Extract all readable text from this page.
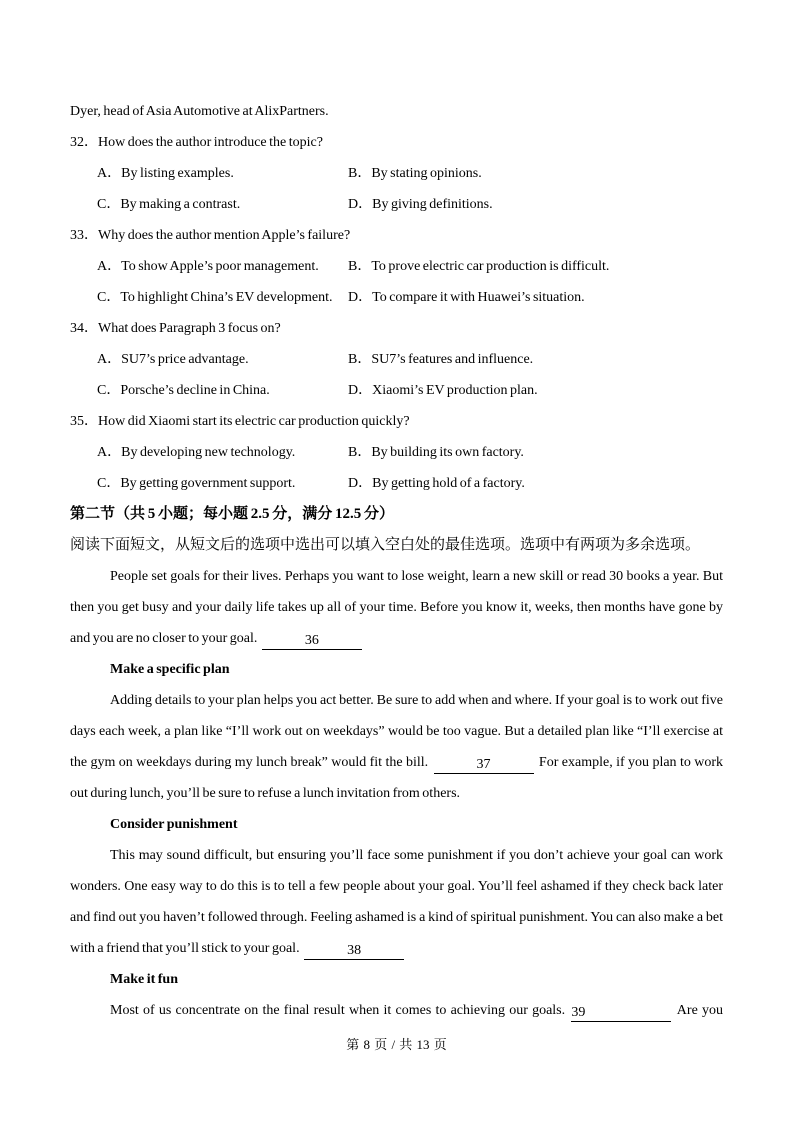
Dyer, head of Asia Automotive at AlixPartners.
32．How does the author introduce the topic?
A．By listing examples.	B．By stating opinions.
C．By making a contrast.	D．By giving definitions.
33．Why does the author mention Apple’s failure?
A．To show Apple’s poor management.	B．To prove electric car production is difficult.
C．To highlight China’s EV development.	D．To compare it with Huawei’s situation.
34．What does Paragraph 3 focus on?
A．SU7’s price advantage.	B．SU7’s features and influence.
C．Porsche’s decline in China.	D．Xiaomi’s EV production plan.
35．How did Xiaomi start its electric car production quickly?
A．By developing new technology.	B．By building its own factory.
C．By getting government support.	D．By getting hold of a factory.
第二节（共 5 小题；每小题 2.5 分，满分 12.5 分）
阅读下面短文，从短文后的选项中选出可以填入空白处的最佳选项。选项中有两项为多余选项。
People set goals for their lives. Perhaps you want to lose weight, learn a new skill or read 30 books a year. But then you get busy and your daily life takes up all of your time. Before you know it, weeks, then months have gone by and you are no closer to your goal.	36
Make a specific plan
Adding details to your plan helps you act better. Be sure to add when and where. If your goal is to work out five days each week, a plan like “I’ll work out on weekdays” would be too vague. But a detailed plan like “I’ll exercise at the gym on weekdays during my lunch break” would fit the bill.	37	For example, if you plan to work out during lunch, you’ll be sure to refuse a lunch invitation from others.
Consider punishment
This may sound difficult, but ensuring you’ll face some punishment if you don’t achieve your goal can work wonders. One easy way to do this is to tell a few people about your goal. You’ll feel ashamed if they check back later and find out you haven’t followed through. Feeling ashamed is a kind of spiritual punishment. You can also make a bet with a friend that you’ll stick to your goal.	38
Make it fun
Most of us concentrate on the final result when it comes to achieving our goals. 39	Are you
第 8 页 / 共 13 页
